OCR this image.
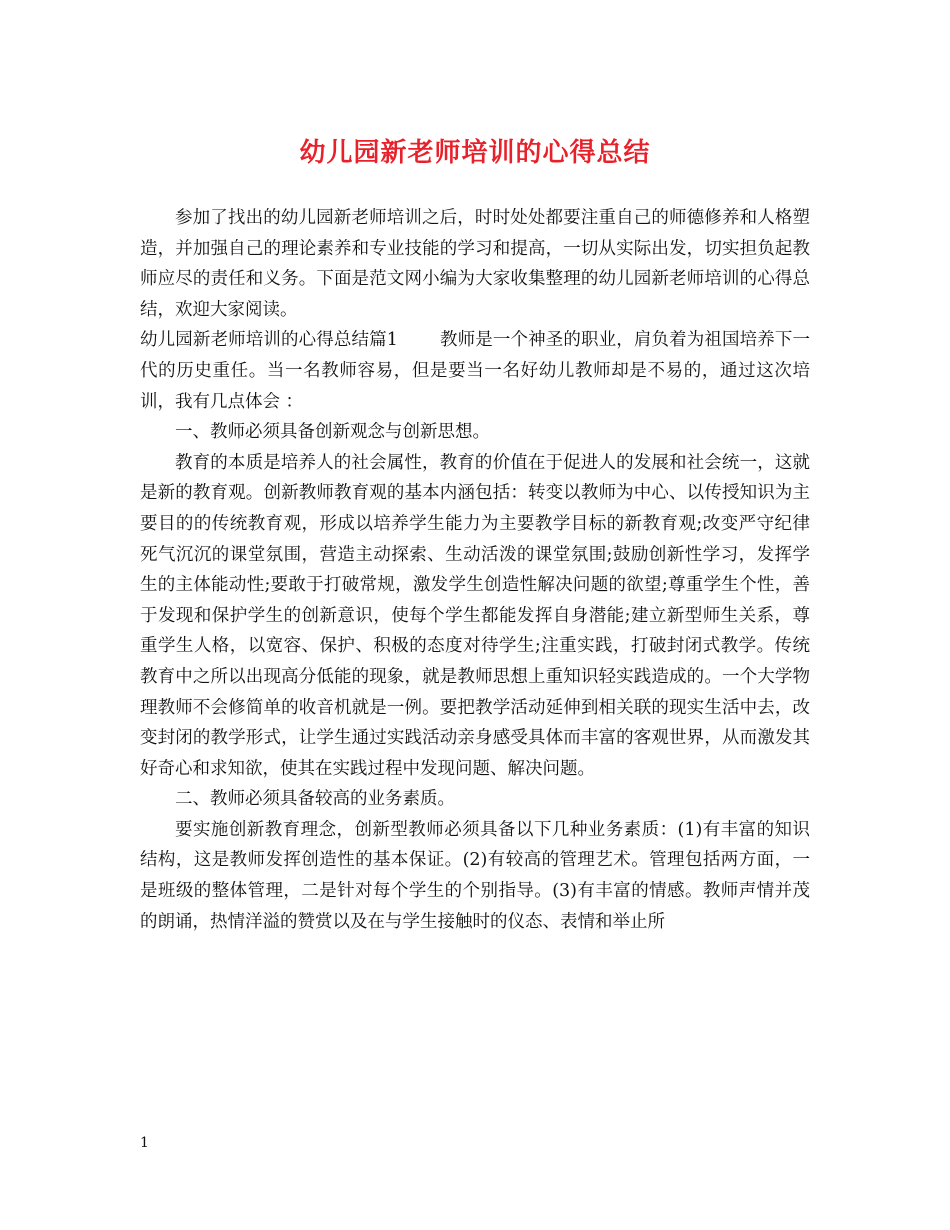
幼儿园新老师培训的心得总结

参加了找出的幼儿园新老师培训之后，时时处处都要注重自己的师德修养和人格塑造，并加强自己的理论素养和专业技能的学习和提高，一切从实际出发，切实担负起教师应尽的责任和义务。下面是范文网小编为大家收集整理的幼儿园新老师培训的心得总结，欢迎大家阅读。

幼儿园新老师培训的心得总结篇1 教师是一个神圣的职业，肩负着为祖国培养下一代的历史重任。当一名教师容易，但是要当一名好幼儿教师却是不易的，通过这次培训，我有几点体会 ：

一、教师必须具备创新观念与创新思想。

教育的本质是培养人的社会属性，教育的价值在于促进人的发展和社会统一，这就是新的教育观。创新教师教育观的基本内涵包括：转变以教师为中心、以传授知识为主要目的的传统教育观，形成以培养学生能力为主要教学目标的新教育观;改变严守纪律死气沉沉的课堂氛围，营造主动探索、生动活泼的课堂氛围;鼓励创新性学习，发挥学生的主体能动性;要敢于打破常规，激发学生创造性解决问题的欲望;尊重学生个性，善于发现和保护学生的创新意识，使每个学生都能发挥自身潜能;建立新型师生关系，尊重学生人格，以宽容、保护、积极的态度对待学生;注重实践，打破封闭式教学。传统教育中之所以出现高分低能的现象，就是教师思想上重知识轻实践造成的。一个大学物理教师不会修简单的收音机就是一例。要把教学活动延伸到相关联的现实生活中去，改变封闭的教学形式，让学生通过实践活动亲身感受具体而丰富的客观世界，从而激发其好奇心和求知欲，使其在实践过程中发现问题、解决问题。

二、教师必须具备较高的业务素质。

要实施创新教育理念，创新型教师必须具备以下几种业务素质：(1)有丰富的知识结构，这是教师发挥创造性的基本保证。(2)有较高的管理艺术。管理包括两方面，一是班级的整体管理，二是针对每个学生的个别指导。(3)有丰富的情感。教师声情并茂的朗诵，热情洋溢的赞赏以及在与学生接触时的仪态、表情和举止所

1
